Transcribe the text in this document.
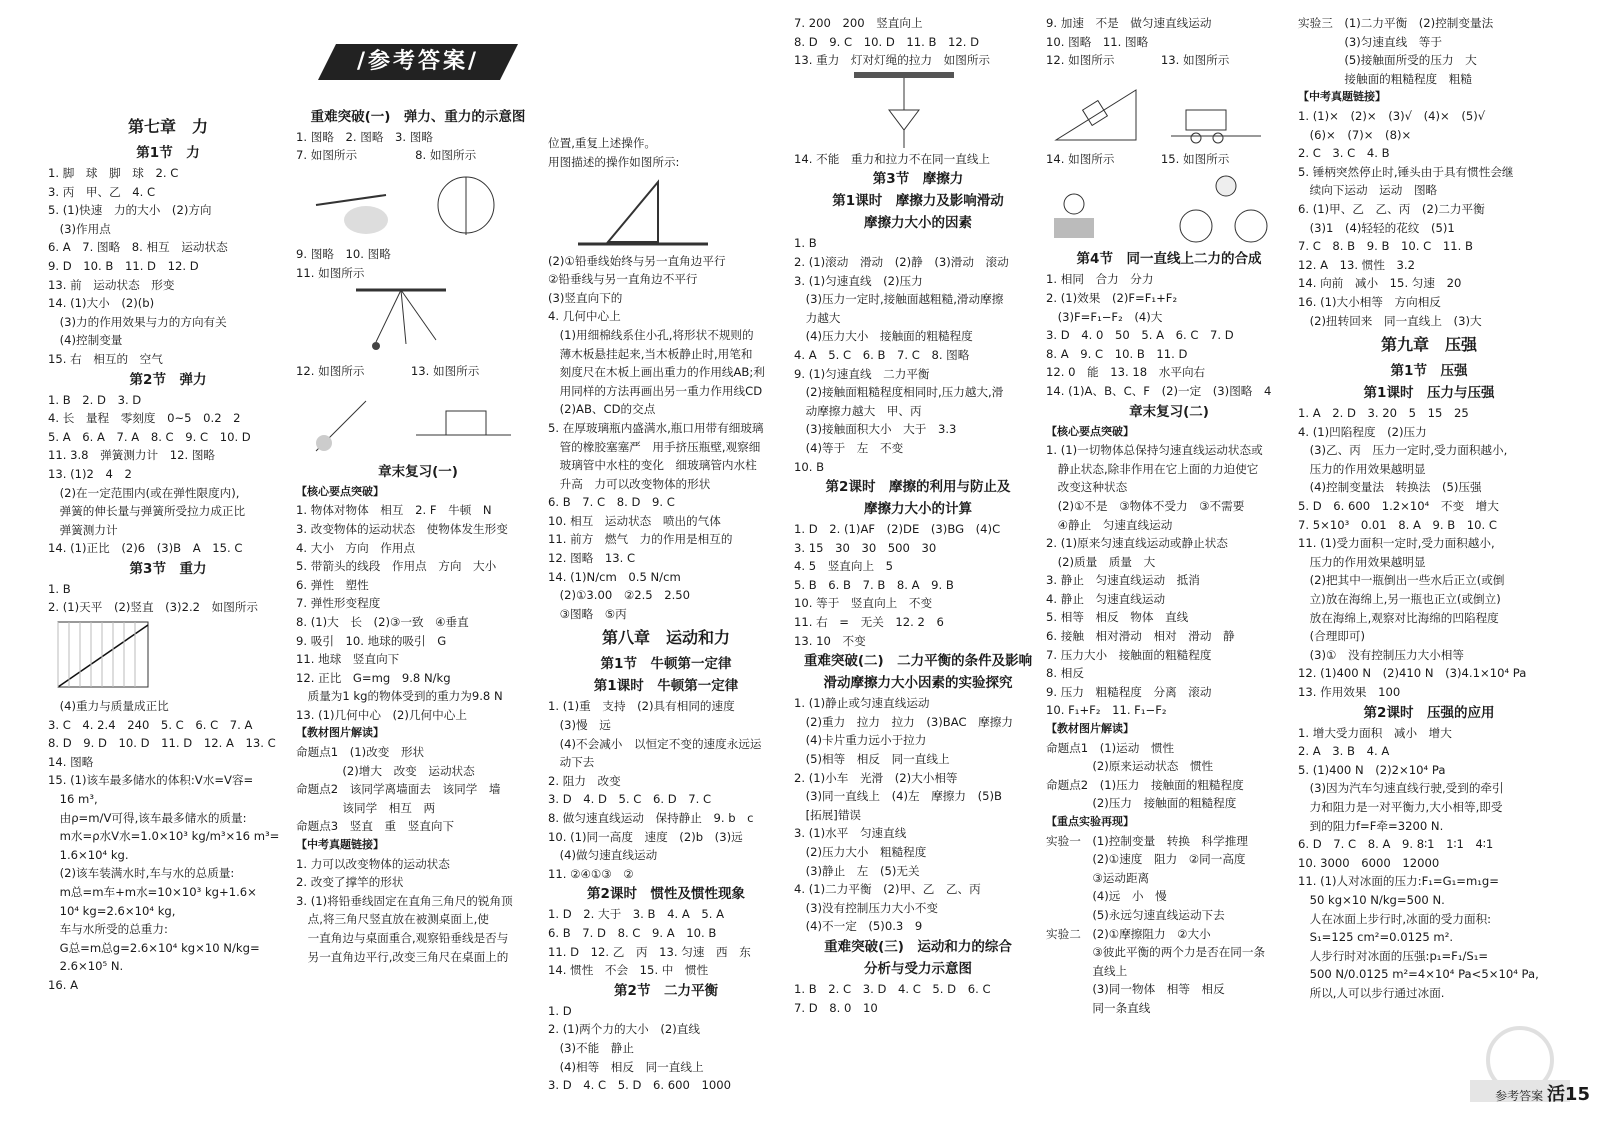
/参考答案/
第七章　力
第1节　力
1. 脚　球　脚　球　2. C
3. 丙　甲、乙　4. C
5. (1)快速　力的大小　(2)方向
　(3)作用点
6. A　7. 图略　8. 相互　运动状态
9. D　10. B　11. D　12. D
13. 前　运动状态　形变
14. (1)大小　(2)(b)
　(3)力的作用效果与力的方向有关
　(4)控制变量
15. 右　相互的　空气
第2节　弹力
1. B　2. D　3. D
4. 长　量程　零刻度　0~5　0.2　2
5. A　6. A　7. A　8. C　9. C　10. D
11. 3.8　弹簧测力计　12. 图略
13. (1)2　4　2
　(2)在一定范围内(或在弹性限度内),
　弹簧的伸长量与弹簧所受拉力成正比
　弹簧测力计
14. (1)正比　(2)6　(3)B　A　15. C
第3节　重力
1. B
2. (1)天平　(2)竖直　(3)2.2　如图所示
　(4)重力与质量成正比
3. C　4. 2.4　240　5. C　6. C　7. A
8. D　9. D　10. D　11. D　12. A　13. C
14. 图略
15. (1)该车最多储水的体积:V水=V容=
　16 m³,
　由ρ=m/V可得,该车最多储水的质量:
　m水=ρ水V水=1.0×10³ kg/m³×16 m³=
　1.6×10⁴ kg.
　(2)该车装满水时,车与水的总质量:
　m总=m车+m水=10×10³ kg+1.6×
　10⁴ kg=2.6×10⁴ kg,
　车与水所受的总重力:
　G总=m总g=2.6×10⁴ kg×10 N/kg=
　2.6×10⁵ N.
16. A

重难突破(一)　弹力、重力的示意图
1. 图略　2. 图略　3. 图略
7. 如图所示　　　　　8. 如图所示
9. 图略　10. 图略
11. 如图所示
12. 如图所示　　　　13. 如图所示
章末复习(一)
【核心要点突破】
1. 物体对物体　相互　2. F　牛顿　N
3. 改变物体的运动状态　使物体发生形变
4. 大小　方向　作用点
5. 带箭头的线段　作用点　方向　大小
6. 弹性　塑性
7. 弹性形变程度
8. (1)大　长　(2)③一致　④垂直
9. 吸引　10. 地球的吸引　G
11. 地球　竖直向下
12. 正比　G=mg　9.8 N/kg
　质量为1 kg的物体受到的重力为9.8 N
13. (1)几何中心　(2)几何中心上
【教材图片解读】
命题点1　(1)改变　形状
　　　　(2)增大　改变　运动状态
命题点2　该同学离墙面去　该同学　墙
　　　　该同学　相互　两
命题点3　竖直　重　竖直向下
【中考真题链接】
1. 力可以改变物体的运动状态
2. 改变了撑竿的形状
3. (1)将铅垂线固定在直角三角尺的锐角顶
　点,将三角尺竖直放在被测桌面上,使
　一直角边与桌面重合,观察铅垂线是否与
　另一直角边平行,改变三角尺在桌面上的

位置,重复上述操作。
用图描述的操作如图所示:
(2)①铅垂线始终与另一直角边平行
②铅垂线与另一直角边不平行
(3)竖直向下的
4. 几何中心上
　(1)用细棉线系住小孔,将形状不规则的
　薄木板悬挂起来,当木板静止时,用笔和
　刻度尺在木板上画出重力的作用线AB;利
　用同样的方法再画出另一重力作用线CD
　(2)AB、CD的交点
5. 在厚玻璃瓶内盛满水,瓶口用带有细玻璃
　管的橡胶塞塞严　用手挤压瓶壁,观察细
　玻璃管中水柱的变化　细玻璃管内水柱
　升高　力可以改变物体的形状
6. B　7. C　8. D　9. C
10. 相互　运动状态　喷出的气体
11. 前方　燃气　力的作用是相互的
12. 图略　13. C
14. (1)N/cm　0.5 N/cm
　(2)①3.00　②2.5　2.50
　③图略　⑤丙
第八章　运动和力
第1节　牛顿第一定律
第1课时　牛顿第一定律
1. (1)重　支持　(2)具有相同的速度
　(3)慢　远
　(4)不会减小　以恒定不变的速度永远运
　动下去
2. 阻力　改变
3. D　4. D　5. C　6. D　7. C
8. 做匀速直线运动　保持静止　9. b　c
10. (1)同一高度　速度　(2)b　(3)远
　(4)做匀速直线运动
11. ②④①③　②
第2课时　惯性及惯性现象
1. D　2. 大于　3. B　4. A　5. A
6. B　7. D　8. C　9. A　10. B
11. D　12. 乙　丙　13. 匀速　西　东
14. 惯性　不会　15. 中　惯性
第2节　二力平衡
1. D
2. (1)两个力的大小　(2)直线
　(3)不能　静止
　(4)相等　相反　同一直线上
3. D　4. C　5. D　6. 600　1000
7. 200　200　竖直向上
8. D　9. C　10. D　11. B　12. D
13. 重力　灯对灯绳的拉力　如图所示
14. 不能　重力和拉力不在同一直线上
第3节　摩擦力
第1课时　摩擦力及影响滑动
摩擦力大小的因素
1. B
2. (1)滚动　滑动　(2)静　(3)滑动　滚动
3. (1)匀速直线　(2)压力
　(3)压力一定时,接触面越粗糙,滑动摩擦
　力越大
　(4)压力大小　接触面的粗糙程度
4. A　5. C　6. B　7. C　8. 图略
9. (1)匀速直线　二力平衡
　(2)接触面粗糙程度相同时,压力越大,滑
　动摩擦力越大　甲、丙
　(3)接触面积大小　大于　3.3
　(4)等于　左　不变
10. B
第2课时　摩擦的利用与防止及
摩擦力大小的计算
1. D　2. (1)AF　(2)DE　(3)BG　(4)C
3. 15　30　30　500　30
4. 5　竖直向上　5
5. B　6. B　7. B　8. A　9. B
10. 等于　竖直向上　不变
11. 右　=　无关　12. 2　6
13. 10　不变
重难突破(二)　二力平衡的条件及影响
滑动摩擦力大小因素的实验探究
1. (1)静止或匀速直线运动
　(2)重力　拉力　拉力　(3)BAC　摩擦力
　(4)卡片重力远小于拉力
　(5)相等　相反　同一直线上
2. (1)小车　光滑　(2)大小相等
　(3)同一直线上　(4)左　摩擦力　(5)B
　[拓展]错误
3. (1)水平　匀速直线
　(2)压力大小　粗糙程度
　(3)静止　左　(5)无关
4. (1)二力平衡　(2)甲、乙　乙、丙
　(3)没有控制压力大小不变
　(4)不一定　(5)0.3　9
重难突破(三)　运动和力的综合
分析与受力示意图
1. B　2. C　3. D　4. C　5. D　6. C
7. D　8. 0　10
9. 加速　不是　做匀速直线运动
10. 图略　11. 图略
12. 如图所示　　　　13. 如图所示
14. 如图所示　　　　15. 如图所示
第4节　同一直线上二力的合成
1. 相同　合力　分力
2. (1)效果　(2)F=F₁+F₂
　(3)F=F₁−F₂　(4)大
3. D　4. 0　50　5. A　6. C　7. D
8. A　9. C　10. B　11. D
12. 0　能　13. 18　水平向右
14. (1)A、B、C、F　(2)一定　(3)图略　4
章末复习(二)
【核心要点突破】
1. (1)一切物体总保持匀速直线运动状态或
　静止状态,除非作用在它上面的力迫使它
　改变这种状态
　(2)①不是　③物体不受力　③不需要
　④静止　匀速直线运动
2. (1)原来匀速直线运动或静止状态
　(2)质量　质量　大
3. 静止　匀速直线运动　抵消
4. 静止　匀速直线运动
5. 相等　相反　物体　直线
6. 接触　相对滑动　相对　滑动　静
7. 压力大小　接触面的粗糙程度
8. 相反
9. 压力　粗糙程度　分离　滚动
10. F₁+F₂　11. F₁−F₂
【教材图片解读】
命题点1　(1)运动　惯性
　　　　(2)原来运动状态　惯性
命题点2　(1)压力　接触面的粗糙程度
　　　　(2)压力　接触面的粗糙程度
【重点实验再现】
实验一　(1)控制变量　转换　科学推理
　　　　(2)①速度　阻力　②同一高度
　　　　③运动距离
　　　　(4)远　小　慢
　　　　(5)永远匀速直线运动下去
实验二　(2)①摩擦阻力　②大小
　　　　③彼此平衡的两个力是否在同一条
　　　　直线上
　　　　(3)同一物体　相等　相反
　　　　同一条直线
实验三　(1)二力平衡　(2)控制变量法
　　　　(3)匀速直线　等于
　　　　(5)接触面所受的压力　大
　　　　接触面的粗糙程度　粗糙
【中考真题链接】
1. (1)×　(2)×　(3)√　(4)×　(5)√
　(6)×　(7)×　(8)×
2. C　3. C　4. B
5. 锤柄突然停止时,锤头由于具有惯性会继
　续向下运动　运动　图略
6. (1)甲、乙　乙、丙　(2)二力平衡
　(3)1　(4)轻轻的花纹　(5)1
7. C　8. B　9. B　10. C　11. B
12. A　13. 惯性　3.2
14. 向前　减小　15. 匀速　20
16. (1)大小相等　方向相反
　(2)扭转回来　同一直线上　(3)大
第九章　压强
第1节　压强
第1课时　压力与压强
1. A　2. D　3. 20　5　15　25
4. (1)凹陷程度　(2)压力
　(3)乙、丙　压力一定时,受力面积越小,
　压力的作用效果越明显
　(4)控制变量法　转换法　(5)压强
5. D　6. 600　1.2×10⁴　不变　增大
7. 5×10³　0.01　8. A　9. B　10. C
11. (1)受力面积一定时,受力面积越小,
　压力的作用效果越明显
　(2)把其中一瓶倒出一些水后正立(或倒
　立)放在海绵上,另一瓶也正立(或倒立)
　放在海绵上,观察对比海绵的凹陷程度
　(合理即可)
　(3)①　没有控制压力大小相等
12. (1)400 N　(2)410 N　(3)4.1×10⁴ Pa
13. 作用效果　100
第2课时　压强的应用
1. 增大受力面积　减小　增大
2. A　3. B　4. A
5. (1)400 N　(2)2×10⁴ Pa
　(3)因为汽车匀速直线行驶,受到的牵引
　力和阻力是一对平衡力,大小相等,即受
　到的阻力f=F牵=3200 N.
6. D　7. C　8. A　9. 8∶1　1∶1　4∶1
10. 3000　6000　12000
11. (1)人对冰面的压力:F₁=G₁=m₁g=
　50 kg×10 N/kg=500 N.
　人在冰面上步行时,冰面的受力面积:
　S₁=125 cm²=0.0125 m².
　人步行时对冰面的压强:p₁=F₁/S₁=
　500 N/0.0125 m²=4×10⁴ Pa<5×10⁴ Pa,
　所以,人可以步行通过冰面.
参考答案 活15
